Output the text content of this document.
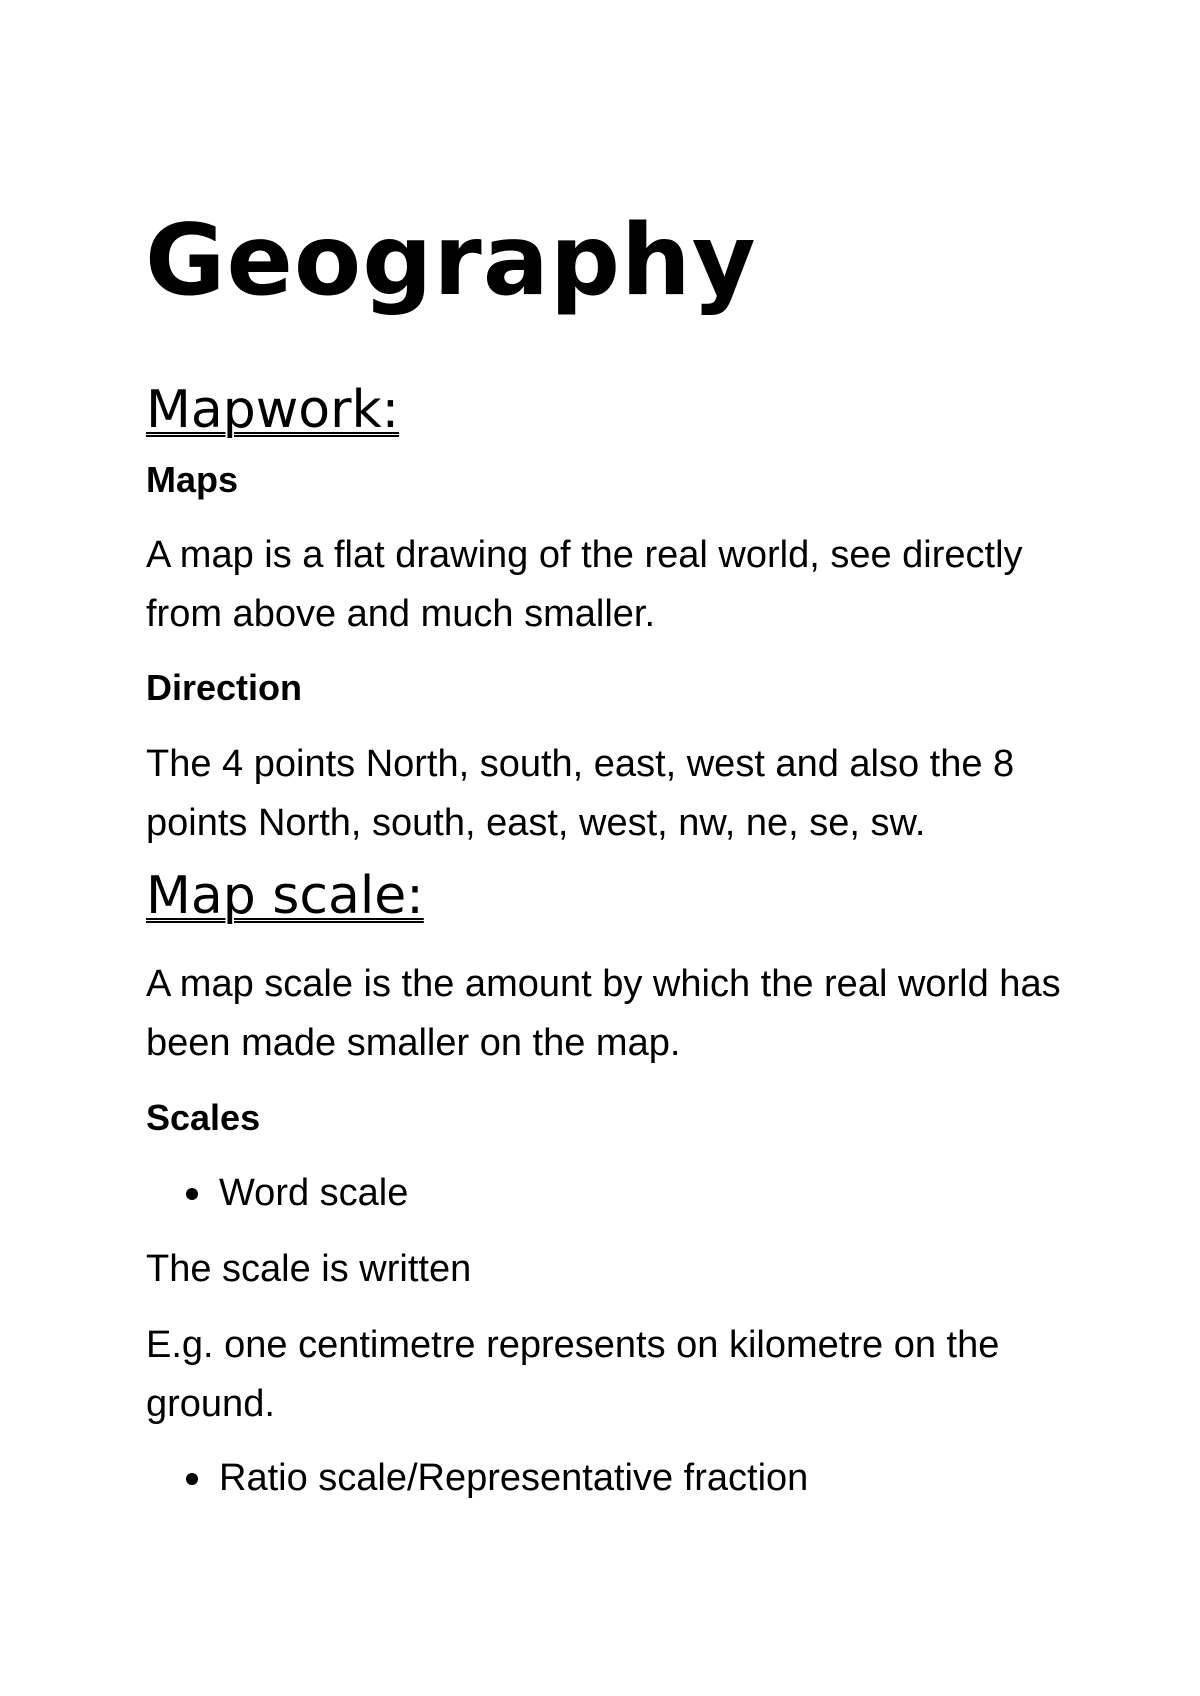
Geography
Mapwork:
Maps

A map is a flat drawing of the real world, see directly from above and much smaller.

Direction

The 4 points North, south, east, west and also the 8 points North, south, east, west, nw, ne, se, sw.

Map scale:

A map scale is the amount by which the real world has been made smaller on the map.

Scales
Word scale

The scale is written

E.g. one centimetre represents on kilometre on the ground.

Ratio scale/Representative fraction
